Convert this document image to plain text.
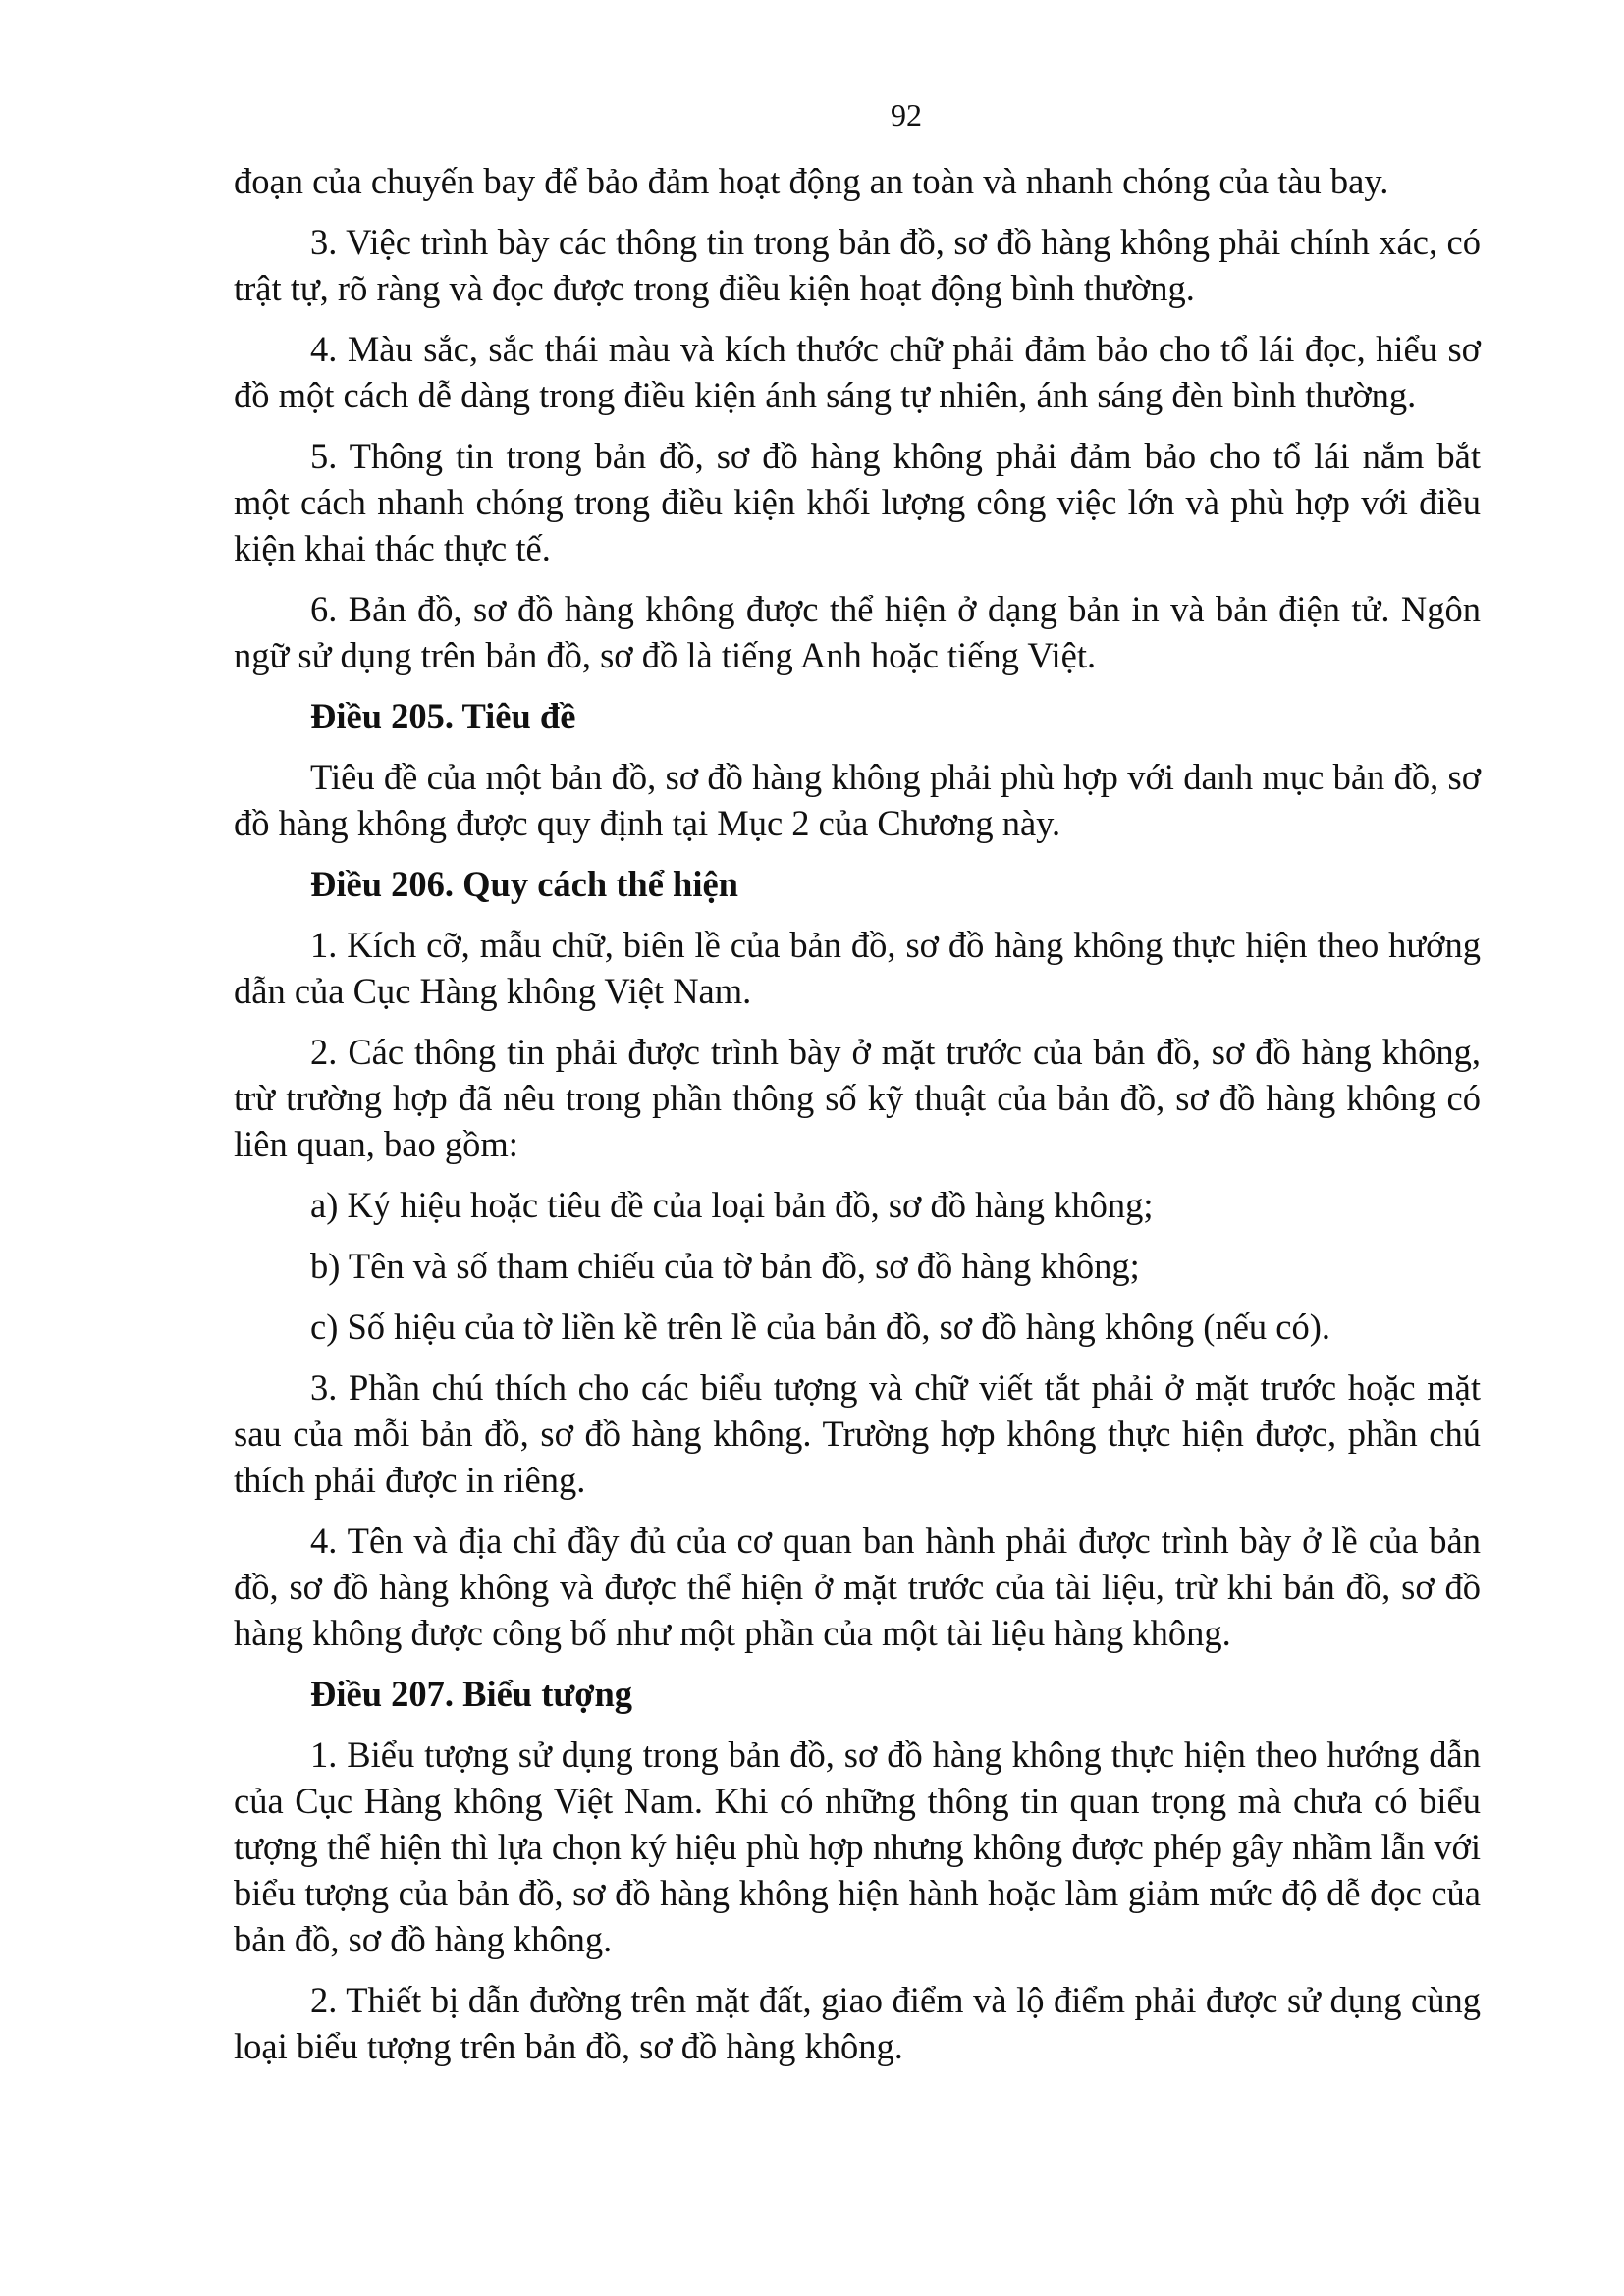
92

đoạn của chuyến bay để bảo đảm hoạt động an toàn và nhanh chóng của tàu bay.

3. Việc trình bày các thông tin trong bản đồ, sơ đồ hàng không phải chính xác, có trật tự, rõ ràng và đọc được trong điều kiện hoạt động bình thường.

4. Màu sắc, sắc thái màu và kích thước chữ phải đảm bảo cho tổ lái đọc, hiểu sơ đồ một cách dễ dàng trong điều kiện ánh sáng tự nhiên, ánh sáng đèn bình thường.

5. Thông tin trong bản đồ, sơ đồ hàng không phải đảm bảo cho tổ lái nắm bắt một cách nhanh chóng trong điều kiện khối lượng công việc lớn và phù hợp với điều kiện khai thác thực tế.

6. Bản đồ, sơ đồ hàng không được thể hiện ở dạng bản in và bản điện tử. Ngôn ngữ sử dụng trên bản đồ, sơ đồ là tiếng Anh hoặc tiếng Việt.

Điều 205. Tiêu đề

Tiêu đề của một bản đồ, sơ đồ hàng không phải phù hợp với danh mục bản đồ, sơ đồ hàng không được quy định tại Mục 2 của Chương này.

Điều 206. Quy cách thể hiện

1. Kích cỡ, mẫu chữ, biên lề của bản đồ, sơ đồ hàng không thực hiện theo hướng dẫn của Cục Hàng không Việt Nam.

2. Các thông tin phải được trình bày ở mặt trước của bản đồ, sơ đồ hàng không, trừ trường hợp đã nêu trong phần thông số kỹ thuật của bản đồ, sơ đồ hàng không có liên quan, bao gồm:

a) Ký hiệu hoặc tiêu đề của loại bản đồ, sơ đồ hàng không;
b) Tên và số tham chiếu của tờ bản đồ, sơ đồ hàng không;
c) Số hiệu của tờ liền kề trên lề của bản đồ, sơ đồ hàng không (nếu có).

3. Phần chú thích cho các biểu tượng và chữ viết tắt phải ở mặt trước hoặc mặt sau của mỗi bản đồ, sơ đồ hàng không. Trường hợp không thực hiện được, phần chú thích phải được in riêng.

4. Tên và địa chỉ đầy đủ của cơ quan ban hành phải được trình bày ở lề của bản đồ, sơ đồ hàng không và được thể hiện ở mặt trước của tài liệu, trừ khi bản đồ, sơ đồ hàng không được công bố như một phần của một tài liệu hàng không.

Điều 207. Biểu tượng

1. Biểu tượng sử dụng trong bản đồ, sơ đồ hàng không thực hiện theo hướng dẫn của Cục Hàng không Việt Nam. Khi có những thông tin quan trọng mà chưa có biểu tượng thể hiện thì lựa chọn ký hiệu phù hợp nhưng không được phép gây nhầm lẫn với biểu tượng của bản đồ, sơ đồ hàng không hiện hành hoặc làm giảm mức độ dễ đọc của bản đồ, sơ đồ hàng không.

2. Thiết bị dẫn đường trên mặt đất, giao điểm và lộ điểm phải được sử dụng cùng loại biểu tượng trên bản đồ, sơ đồ hàng không.
